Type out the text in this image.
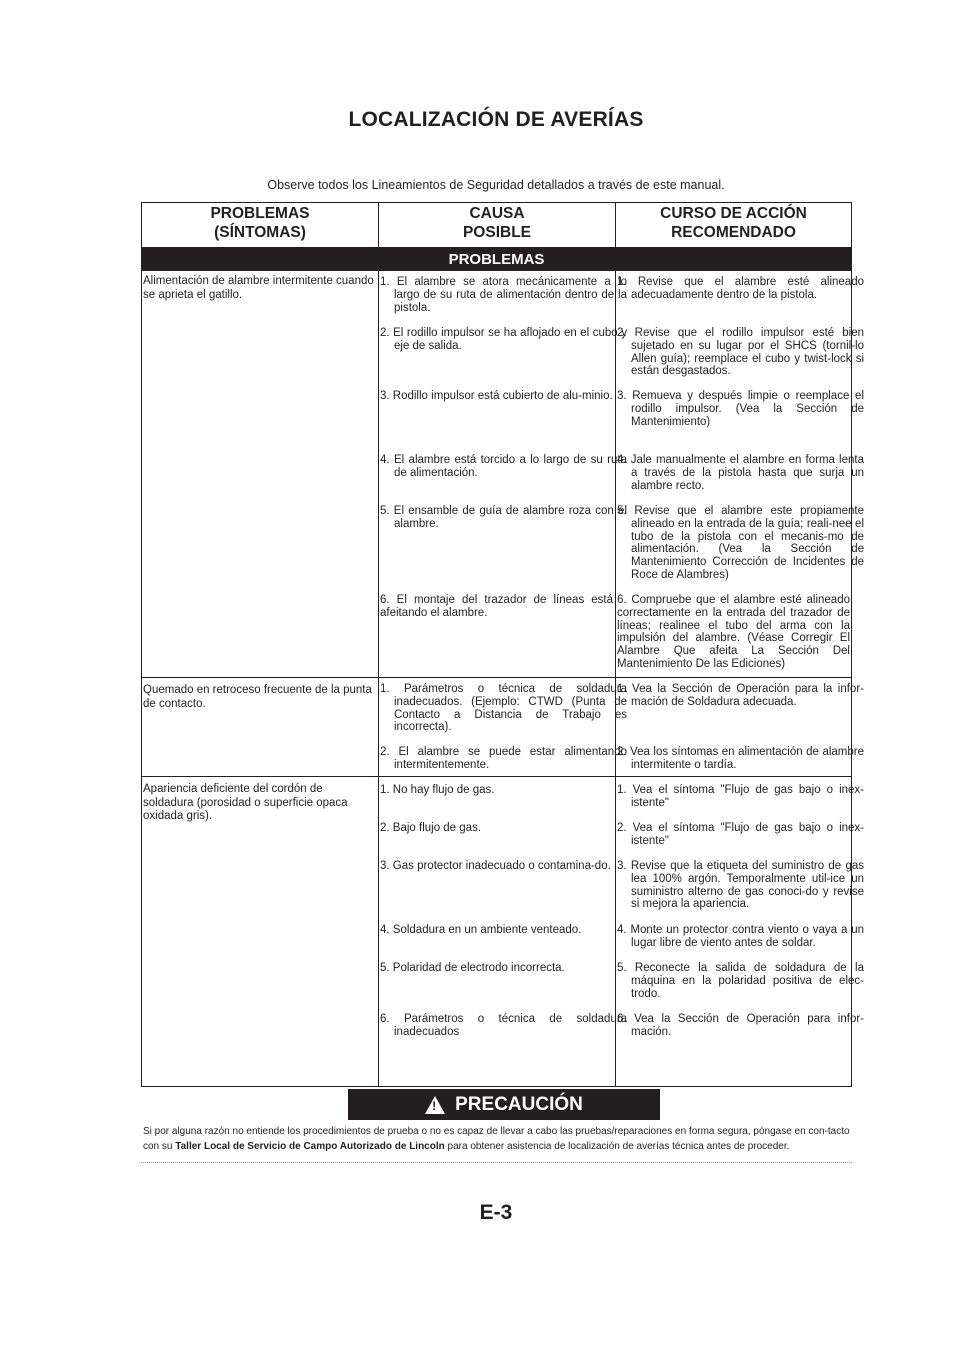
LOCALIZACIÓN DE AVERÍAS
Observe todos los Lineamientos de Seguridad detallados a través de este manual.
PROBLEMAS
(SÍNTOMAS)
CAUSA
POSIBLE
CURSO DE ACCIÓN
RECOMENDADO
PROBLEMAS
Alimentación de alambre intermitente cuando se aprieta el gatillo.
1. El alambre se atora mecánicamente a lo largo de su ruta de alimentación dentro de la pistola.
2. El rodillo impulsor se ha aflojado en el cubo y eje de salida.
3. Rodillo impulsor está cubierto de alu-minio.
4. El alambre está torcido a lo largo de su ruta de alimentación.
5. El ensamble de guía de alambre roza con el alambre.
6. El montaje del trazador de líneas está afeitando el alambre.
1. Revise que el alambre esté alineado adecuadamente dentro de la pistola.
2. Revise que el rodillo impulsor esté bien sujetado en su lugar por el SHCS (tornil-lo Allen guía); reemplace el cubo y twist-lock si están desgastados.
3. Remueva y después limpie o reemplace el rodillo impulsor. (Vea la Sección de Mantenimiento)
4. Jale manualmente el alambre en forma lenta a través de la pistola hasta que surja un alambre recto.
5. Revise que el alambre este propiamente alineado en la entrada de la guía; reali-nee el tubo de la pistola con el mecanis-mo de alimentación. (Vea la Sección de Mantenimiento Corrección de Incidentes de Roce de Alambres)
6. Compruebe que el alambre esté alineado correctamente en la entrada del trazador de líneas; realinee el tubo del arma con la impulsión del alambre. (Véase Corregir El Alambre Que afeita La Sección Del Mantenimiento De las Ediciones)
Quemado en retroceso frecuente de la punta de contacto.
1. Parámetros o técnica de soldadura inadecuados. (Ejemplo: CTWD (Punta de Contacto a Distancia de Trabajo es incorrecta).
2. El alambre se puede estar alimentando intermitentemente.
1. Vea la Sección de Operación para la infor-mación de Soldadura adecuada.
2. Vea los síntomas en alimentación de alambre intermitente o tardía.
Apariencia deficiente del cordón de soldadura (porosidad o superficie opaca oxidada gris).
1. No hay flujo de gas.
2. Bajo flujo de gas.
3. Gas protector inadecuado o contamina-do.
4. Soldadura en un ambiente venteado.
5. Polaridad de electrodo incorrecta.
6. Parámetros o técnica de soldadura inadecuados
1. Vea el síntoma "Flujo de gas bajo o inex-istente"
2. Vea el síntoma "Flujo de gas bajo o inex-istente"
3. Revise que la etiqueta del suministro de gas lea 100% argón. Temporalmente util-ice un suministro alterno de gas conoci-do y revise si mejora la apariencia.
4. Monte un protector contra viento o vaya a un lugar libre de viento antes de soldar.
5. Reconecte la salida de soldadura de la máquina en la polaridad positiva de elec-trodo.
6. Vea la Sección de Operación para infor-mación.
! PRECAUCIÓN
Si por alguna razón no entiende los procedimientos de prueba o no es capaz de llevar a cabo las pruebas/reparaciones en forma segura, póngase en con-tacto con su Taller Local de Servicio de Campo Autorizado de Lincoln para obtener asistencia de localización de averías técnica antes de proceder.
E-3
